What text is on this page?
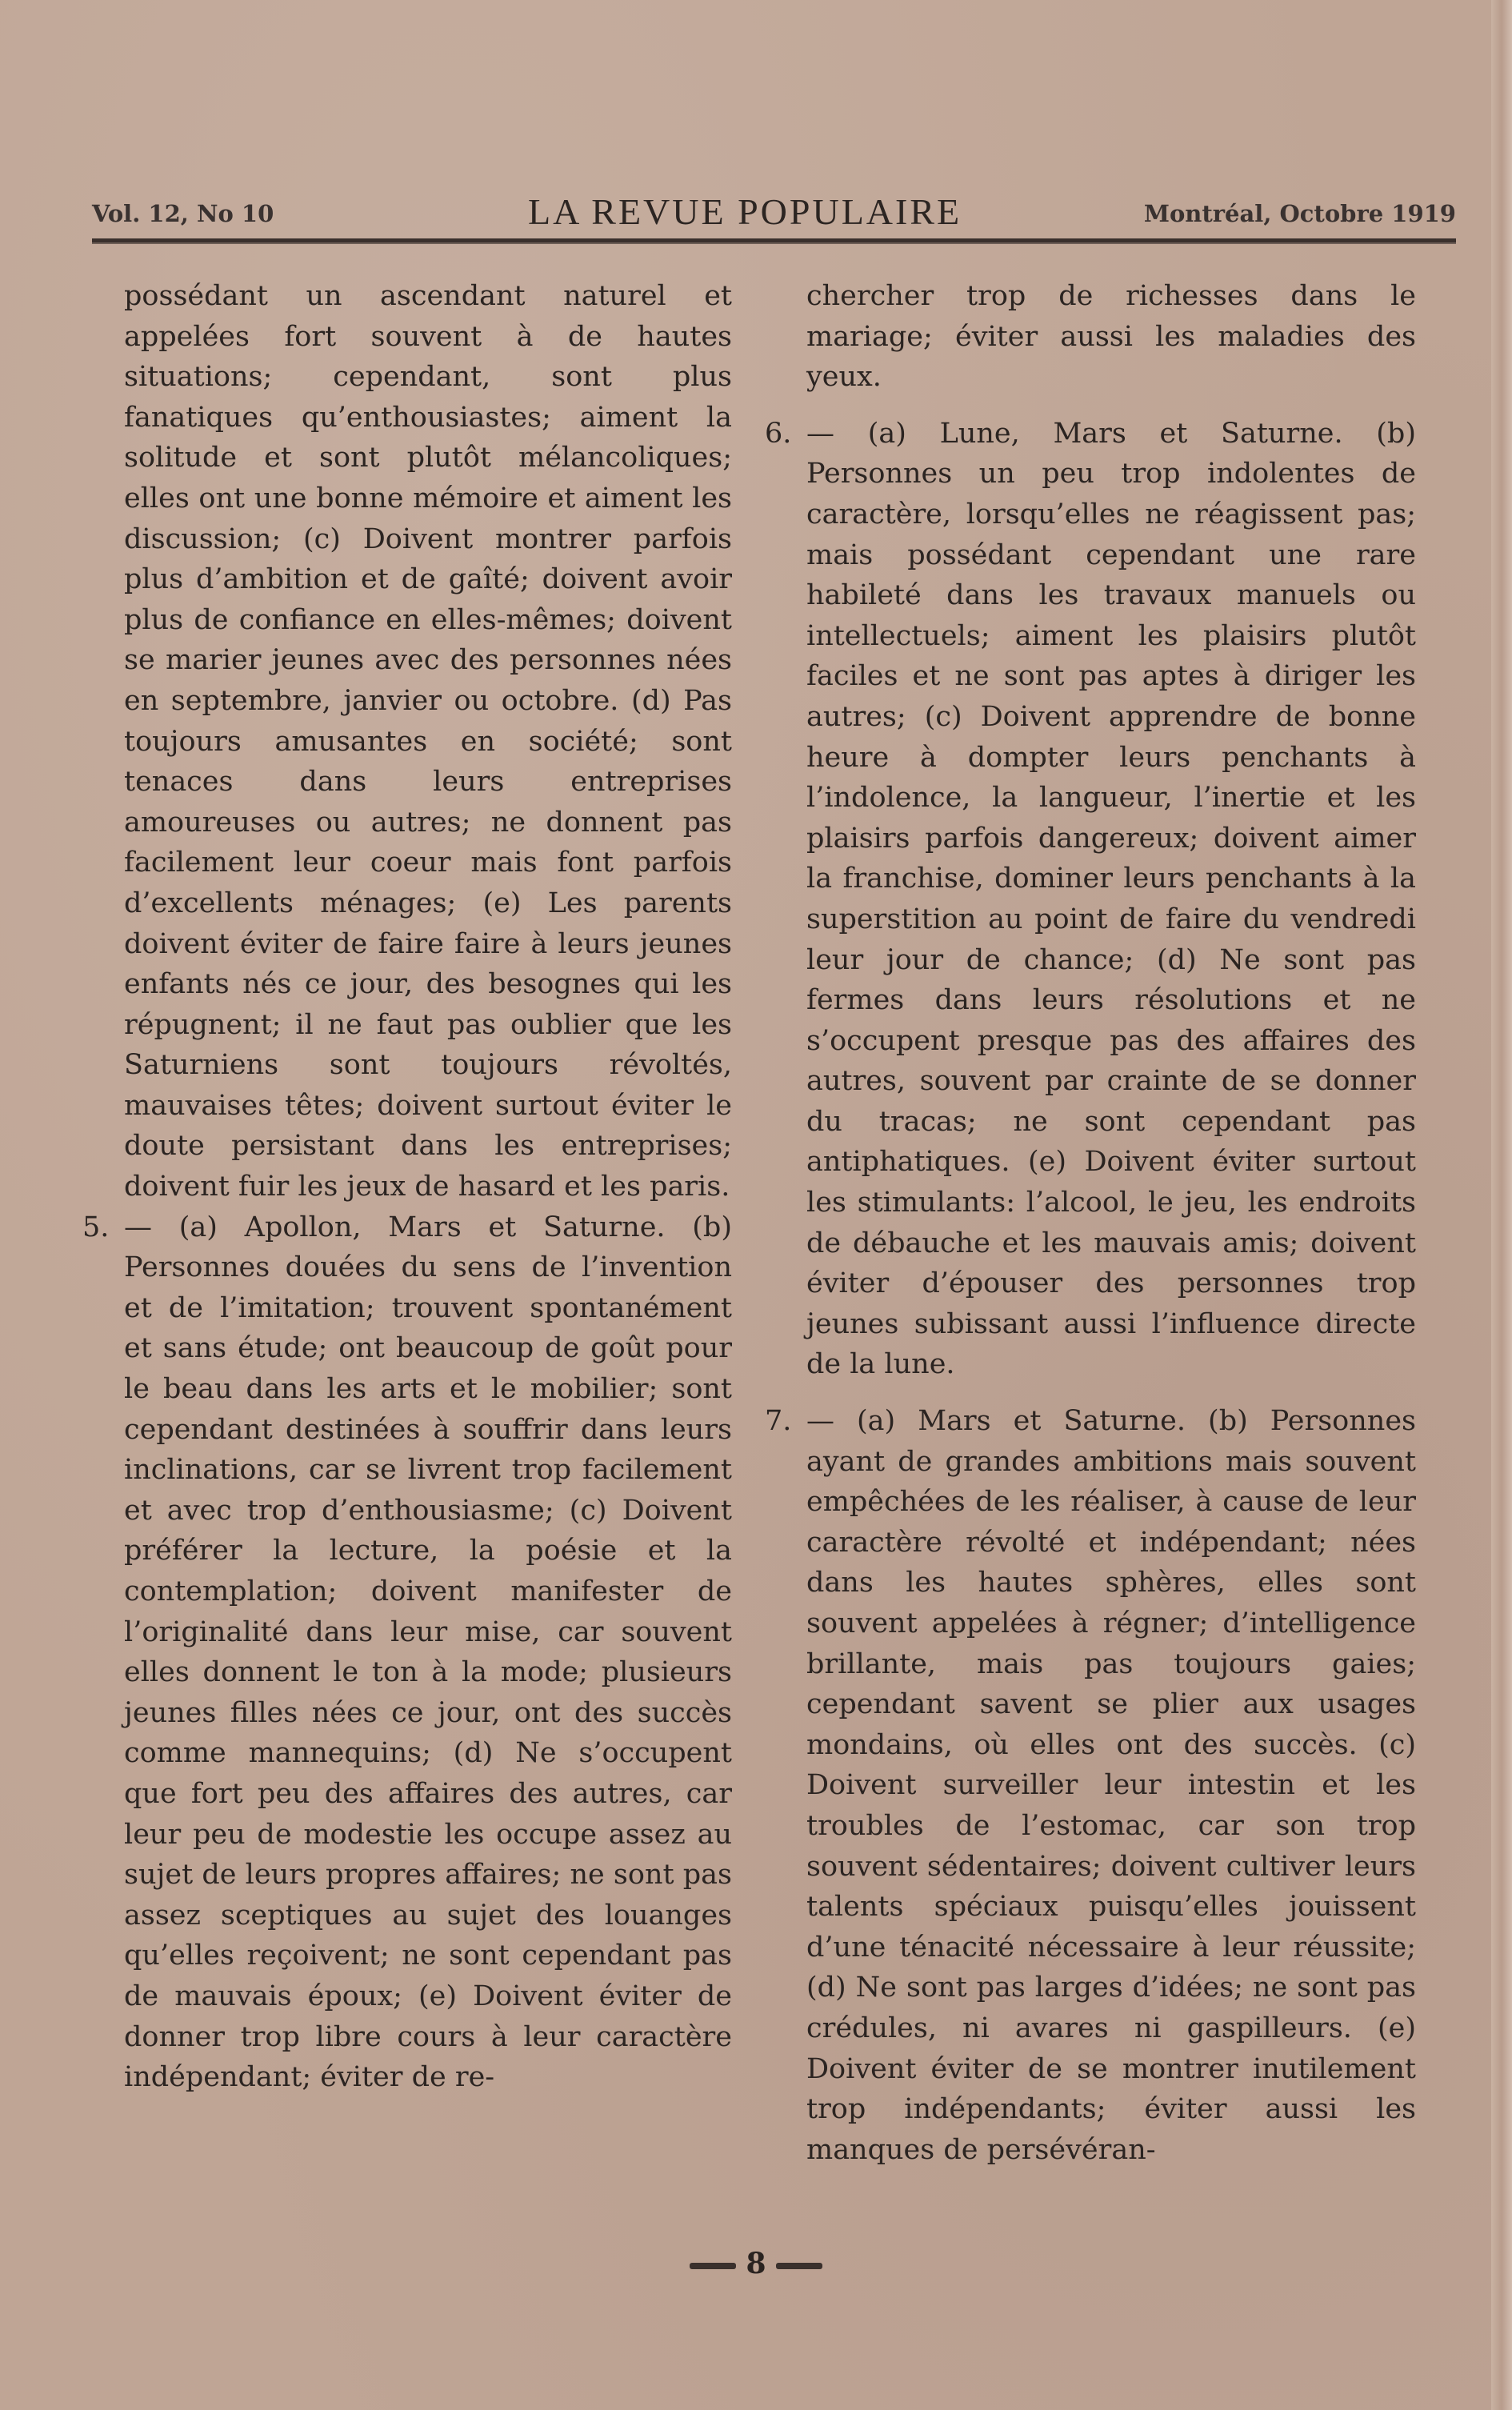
Vol. 12, No 10	LA REVUE POPULAIRE	Montréal, Octobre 1919

possédant un ascendant naturel et appelées fort souvent à de hautes situations; cependant, sont plus fanatiques qu’enthousiastes; aiment la solitude et sont plutôt mélancoliques; elles ont une bonne mémoire et aiment les discussion; (c) Doivent montrer parfois plus d’ambition et de gaîté; doivent avoir plus de confiance en elles-mêmes; doivent se marier jeunes avec des personnes nées en septembre, janvier ou octobre. (d) Pas toujours amusantes en société; sont tenaces dans leurs entreprises amoureuses ou autres; ne donnent pas facilement leur coeur mais font parfois d’excellents ménages; (e) Les parents doivent éviter de faire faire à leurs jeunes enfants nés ce jour, des besognes qui les répugnent; il ne faut pas oublier que les Saturniens sont toujours révoltés, mauvaises têtes; doivent surtout éviter le doute persistant dans les entreprises; doivent fuir les jeux de hasard et les paris.

5. — (a) Apollon, Mars et Saturne. (b) Personnes douées du sens de l’invention et de l’imitation; trouvent spontanément et sans étude; ont beaucoup de goût pour le beau dans les arts et le mobilier; sont cependant destinées à souffrir dans leurs inclinations, car se livrent trop facilement et avec trop d’enthousiasme; (c) Doivent préférer la lecture, la poésie et la contemplation; doivent manifester de l’originalité dans leur mise, car souvent elles donnent le ton à la mode; plusieurs jeunes filles nées ce jour, ont des succès comme mannequins; (d) Ne s’occupent que fort peu des affaires des autres, car leur peu de modestie les occupe assez au sujet de leurs propres affaires; ne sont pas assez sceptiques au sujet des louanges qu’elles reçoivent; ne sont cependant pas de mauvais époux; (e) Doivent éviter de donner trop libre cours à leur caractère indépendant; éviter de re-

chercher trop de richesses dans le mariage; éviter aussi les maladies des yeux.

6. — (a) Lune, Mars et Saturne. (b) Personnes un peu trop indolentes de caractère, lorsqu’elles ne réagissent pas; mais possédant cependant une rare habileté dans les travaux manuels ou intellectuels; aiment les plaisirs plutôt faciles et ne sont pas aptes à diriger les autres; (c) Doivent apprendre de bonne heure à dompter leurs penchants à l’indolence, la langueur, l’inertie et les plaisirs parfois dangereux; doivent aimer la franchise, dominer leurs penchants à la superstition au point de faire du vendredi leur jour de chance; (d) Ne sont pas fermes dans leurs résolutions et ne s’occupent presque pas des affaires des autres, souvent par crainte de se donner du tracas; ne sont cependant pas antiphatiques. (e) Doivent éviter surtout les stimulants: l’alcool, le jeu, les endroits de débauche et les mauvais amis; doivent éviter d’épouser des personnes trop jeunes subissant aussi l’influence directe de la lune.

7. — (a) Mars et Saturne. (b) Personnes ayant de grandes ambitions mais souvent empêchées de les réaliser, à cause de leur caractère révolté et indépendant; nées dans les hautes sphères, elles sont souvent appelées à régner; d’intelligence brillante, mais pas toujours gaies; cependant savent se plier aux usages mondains, où elles ont des succès. (c) Doivent surveiller leur intestin et les troubles de l’estomac, car son trop souvent sédentaires; doivent cultiver leurs talents spéciaux puisqu’elles jouissent d’une ténacité nécessaire à leur réussite; (d) Ne sont pas larges d’idées; ne sont pas crédules, ni avares ni gaspilleurs. (e) Doivent éviter de se montrer inutilement trop indépendants; éviter aussi les manques de persévéran-

8
